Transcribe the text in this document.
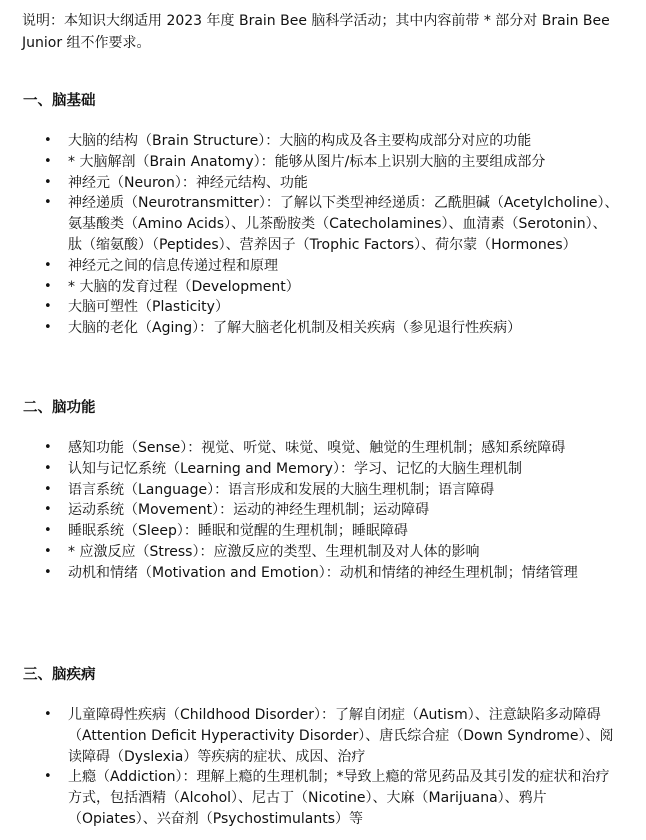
说明：本知识大纲适用 2023 年度 Brain Bee 脑科学活动；其中内容前带 * 部分对 Brain Bee Junior 组不作要求。
一、脑基础
• 大脑的结构（Brain Structure）：大脑的构成及各主要构成部分对应的功能
• * 大脑解剖（Brain Anatomy）：能够从图片/标本上识别大脑的主要组成部分
• 神经元（Neuron）：神经元结构、功能
• 神经递质（Neurotransmitter）：了解以下类型神经递质：乙酰胆碱（Acetylcholine）、氨基酸类（Amino Acids）、儿茶酚胺类（Catecholamines）、血清素（Serotonin）、肽（缩氨酸）（Peptides）、营养因子（Trophic Factors）、荷尔蒙（Hormones）
• 神经元之间的信息传递过程和原理
• * 大脑的发育过程（Development）
• 大脑可塑性（Plasticity）
• 大脑的老化（Aging）：了解大脑老化机制及相关疾病（参见退行性疾病）
二、脑功能
• 感知功能（Sense）：视觉、听觉、味觉、嗅觉、触觉的生理机制；感知系统障碍
• 认知与记忆系统（Learning and Memory）：学习、记忆的大脑生理机制
• 语言系统（Language）：语言形成和发展的大脑生理机制；语言障碍
• 运动系统（Movement）：运动的神经生理机制；运动障碍
• 睡眠系统（Sleep）：睡眠和觉醒的生理机制；睡眠障碍
• * 应激反应（Stress）：应激反应的类型、生理机制及对人体的影响
• 动机和情绪（Motivation and Emotion）：动机和情绪的神经生理机制；情绪管理
三、脑疾病
• 儿童障碍性疾病（Childhood Disorder）：了解自闭症（Autism）、注意缺陷多动障碍（Attention Deficit Hyperactivity Disorder）、唐氏综合症（Down Syndrome）、阅读障碍（Dyslexia）等疾病的症状、成因、治疗
• 上瘾（Addiction）：理解上瘾的生理机制；*导致上瘾的常见药品及其引发的症状和治疗方式，包括酒精（Alcohol）、尼古丁（Nicotine）、大麻（Marijuana）、鸦片（Opiates）、兴奋剂（Psychostimulants）等
